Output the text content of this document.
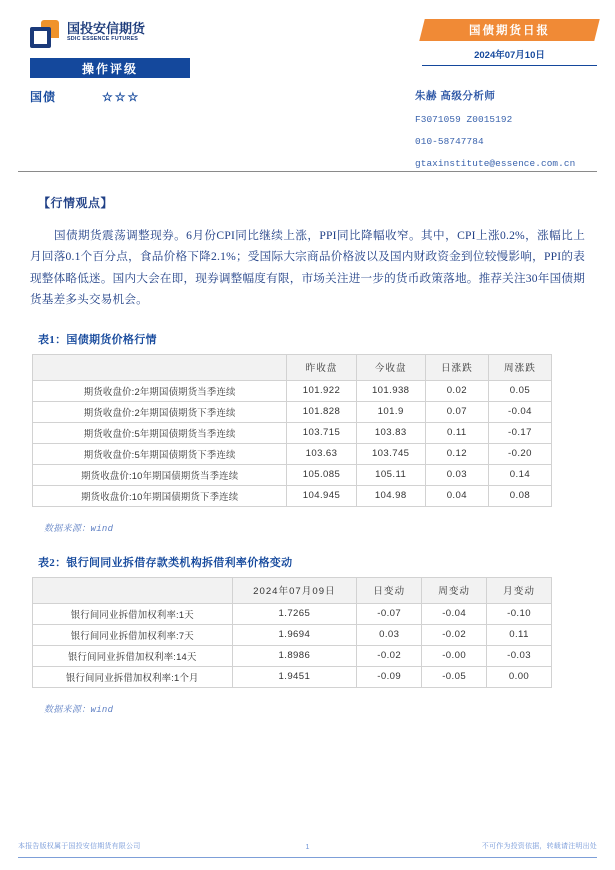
国投安信期货
SDIC ESSENCE FUTURES
操作评级
国债	☆☆☆
国债期货日报
2024年07月10日
朱赫 高级分析师
F3071059 Z0015192
010-58747784
gtaxinstitute@essence.com.cn
【行情观点】
国债期货震荡调整现券。6月份CPI同比继续上涨，PPI同比降幅收窄。其中，CPI上涨0.2%，涨幅比上月回落0.1个百分点，食品价格下降2.1%；受国际大宗商品价格波以及国内财政资金到位较慢影响，PPI的表现整体略低迷。国内大会在即，现券调整幅度有限，市场关注进一步的货币政策落地。推荐关注30年国债期货基差多头交易机会。
表1：国债期货价格行情
	昨收盘	今收盘	日涨跌	周涨跌
期货收盘价:2年期国债期货当季连续	101.922	101.938	0.02	0.05
期货收盘价:2年期国债期货下季连续	101.828	101.9	0.07	-0.04
期货收盘价:5年期国债期货当季连续	103.715	103.83	0.11	-0.17
期货收盘价:5年期国债期货下季连续	103.63	103.745	0.12	-0.20
期货收盘价:10年期国债期货当季连续	105.085	105.11	0.03	0.14
期货收盘价:10年期国债期货下季连续	104.945	104.98	0.04	0.08
数据来源：wind
表2：银行间同业拆借存款类机构拆借利率价格变动
	2024年07月09日	日变动	周变动	月变动
银行间同业拆借加权利率:1天	1.7265	-0.07	-0.04	-0.10
银行间同业拆借加权利率:7天	1.9694	0.03	-0.02	0.11
银行间同业拆借加权利率:14天	1.8986	-0.02	-0.00	-0.03
银行间同业拆借加权利率:1个月	1.9451	-0.09	-0.05	0.00
数据来源：wind
本报告版权属于国投安信期货有限公司	1	不可作为投资依据，转载请注明出处
